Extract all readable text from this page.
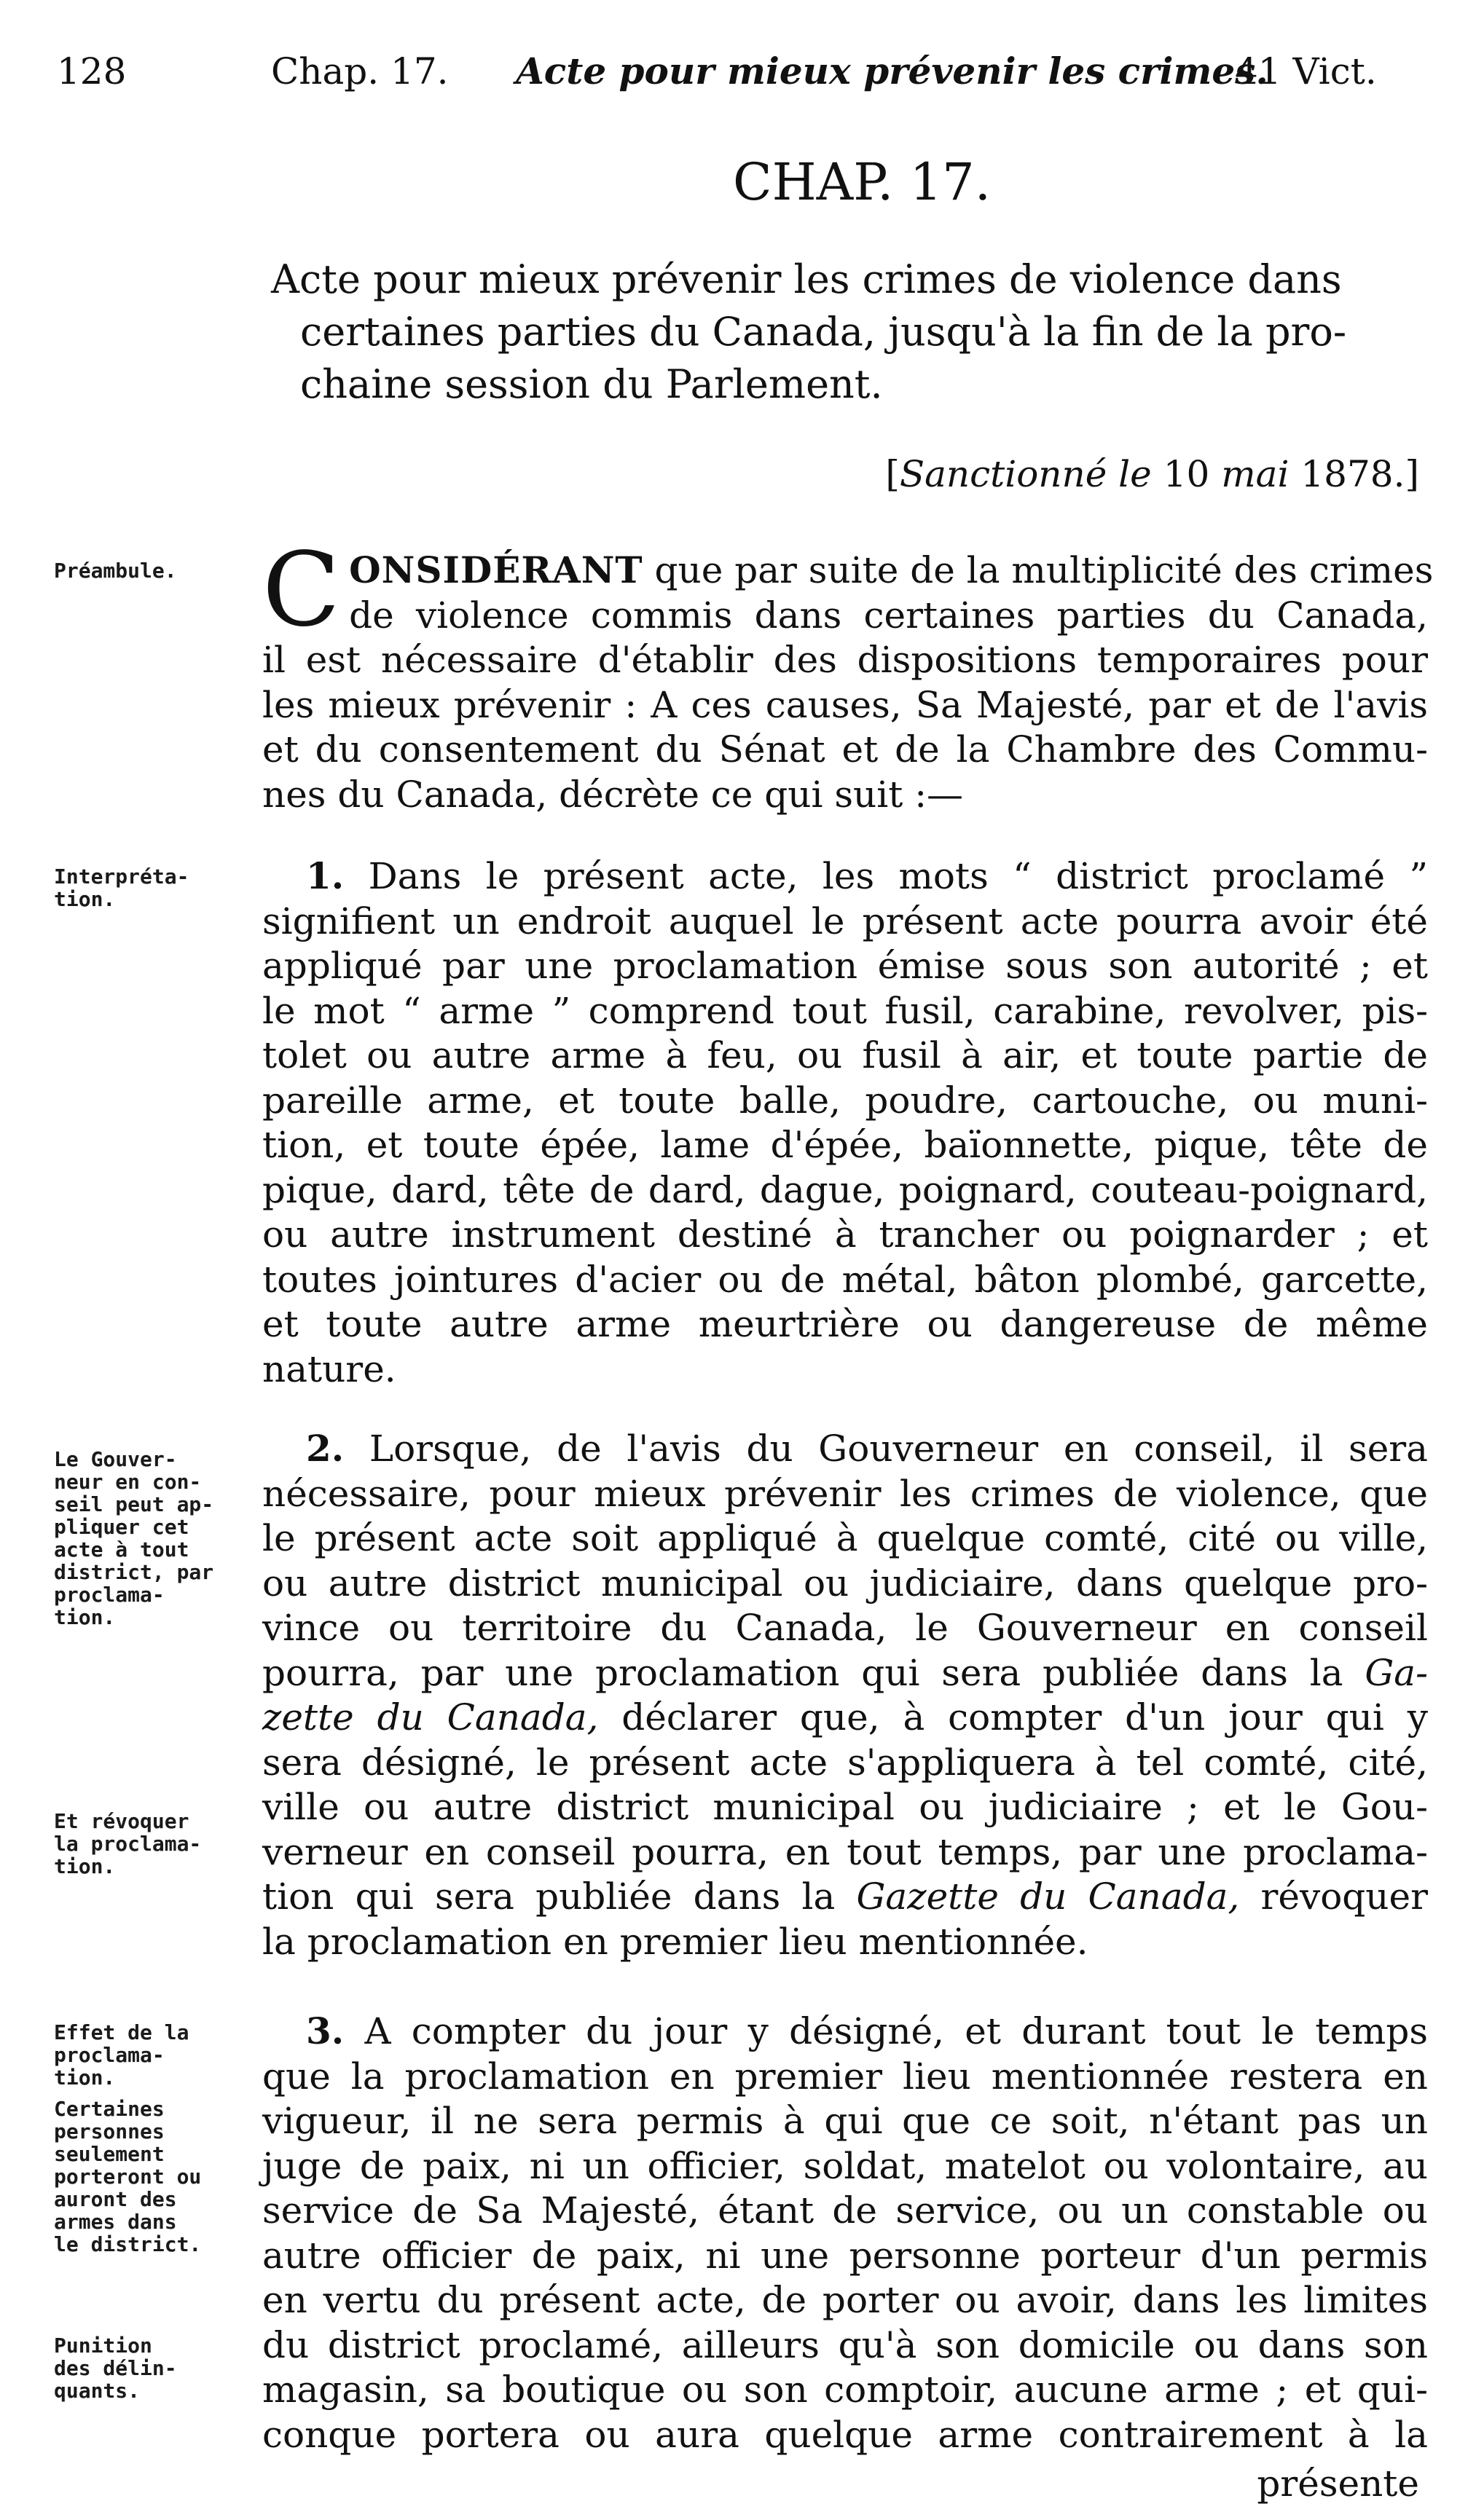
128	Chap. 17. Acte pour mieux prévenir les crimes.
41 Vict.
CHAP. 17.
Acte pour mieux prévenir les crimes de violence dans
certaines parties du Canada, jusqu'à la fin de la pro-
chaine session du Parlement.
[Sanctionné le 10 mai 1878.]
Préambule.
Interpréta-
tion.
Le Gouver-
neur en con-
seil peut ap-
pliquer cet
acte à tout
district, par
proclama-
tion.
Et révoquer
la proclama-
tion.
Effet de la
proclama-
tion.
Certaines
personnes
seulement
porteront ou
auront des
armes dans
le district.
Punition
des délin-
quants.
C ONSIDÉRANT que par suite de la multiplicité des crimes
de violence commis dans certaines parties du Canada,
il est nécessaire d'établir des dispositions temporaires pour
les mieux prévenir : A ces causes, Sa Majesté, par et de l'avis
et du consentement du Sénat et de la Chambre des Commu-
nes du Canada, décrète ce qui suit :—
1. Dans le présent acte, les mots “ district proclamé ”
signifient un endroit auquel le présent acte pourra avoir été
appliqué par une proclamation émise sous son autorité ; et
le mot “ arme ” comprend tout fusil, carabine, revolver, pis-
tolet ou autre arme à feu, ou fusil à air, et toute partie de
pareille arme, et toute balle, poudre, cartouche, ou muni-
tion, et toute épée, lame d'épée, baïonnette, pique, tête de
pique, dard, tête de dard, dague, poignard, couteau-poignard,
ou autre instrument destiné à trancher ou poignarder ; et
toutes jointures d'acier ou de métal, bâton plombé, garcette,
et toute autre arme meurtrière ou dangereuse de même
nature.
2. Lorsque, de l'avis du Gouverneur en conseil, il sera
nécessaire, pour mieux prévenir les crimes de violence, que
le présent acte soit appliqué à quelque comté, cité ou ville,
ou autre district municipal ou judiciaire, dans quelque pro-
vince ou territoire du Canada, le Gouverneur en conseil
pourra, par une proclamation qui sera publiée dans la Ga-
zette du Canada, déclarer que, à compter d'un jour qui y
sera désigné, le présent acte s'appliquera à tel comté, cité,
ville ou autre district municipal ou judiciaire ; et le Gou-
verneur en conseil pourra, en tout temps, par une proclama-
tion qui sera publiée dans la Gazette du Canada, révoquer
la proclamation en premier lieu mentionnée.
3. A compter du jour y désigné, et durant tout le temps
que la proclamation en premier lieu mentionnée restera en
vigueur, il ne sera permis à qui que ce soit, n'étant pas un
juge de paix, ni un officier, soldat, matelot ou volontaire, au
service de Sa Majesté, étant de service, ou un constable ou
autre officier de paix, ni une personne porteur d'un permis
en vertu du présent acte, de porter ou avoir, dans les limites
du district proclamé, ailleurs qu'à son domicile ou dans son
magasin, sa boutique ou son comptoir, aucune arme ; et qui-
conque portera ou aura quelque arme contrairement à la
présente
